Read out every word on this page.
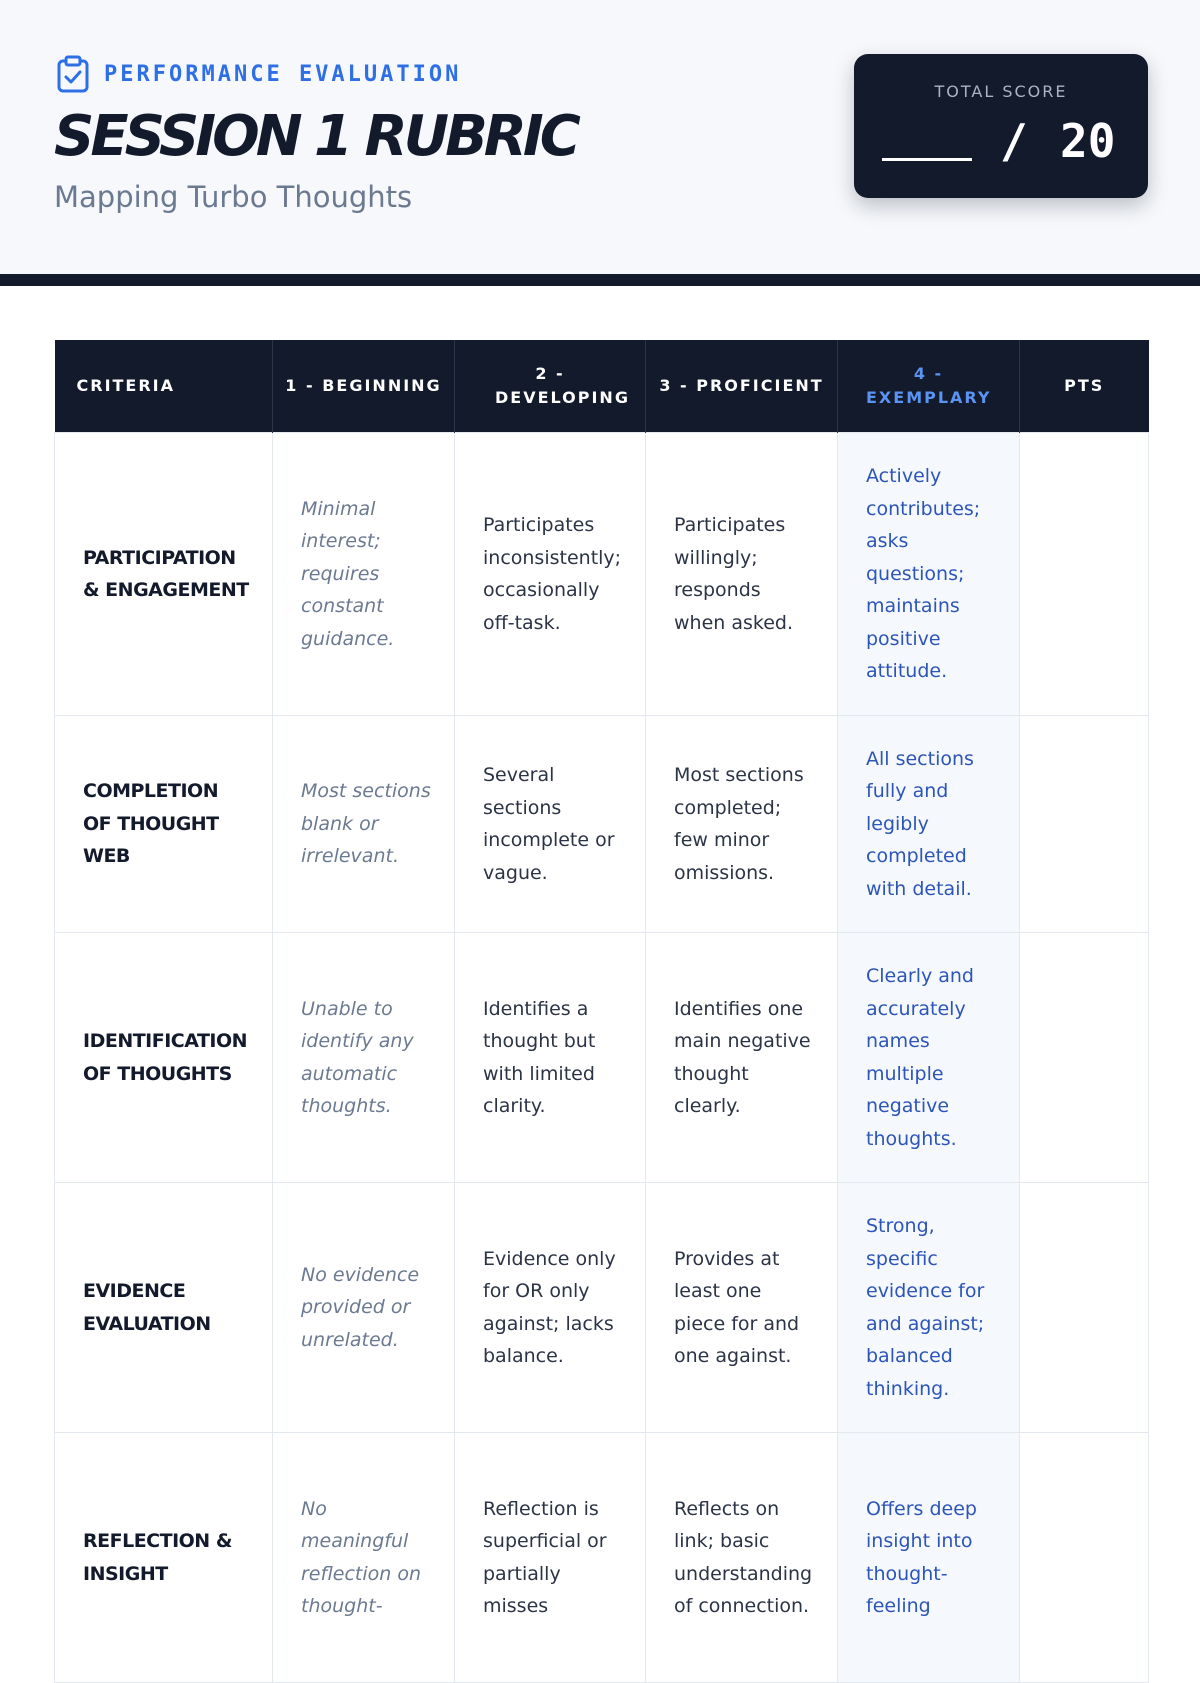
PERFORMANCE EVALUATION
SESSION 1 RUBRIC
Mapping Turbo Thoughts
TOTAL SCORE
/ 20
CRITERIA	1 - BEGINNING	2 - DEVELOPING	3 - PROFICIENT	4 - EXEMPLARY	PTS
PARTICIPATION & ENGAGEMENT	Minimal interest; requires constant guidance.	Participates inconsistently; occasionally off-task.	Participates willingly; responds when asked.	Actively contributes; asks questions; maintains positive attitude.	
COMPLETION OF THOUGHT WEB	Most sections blank or irrelevant.	Several sections incomplete or vague.	Most sections completed; few minor omissions.	All sections fully and legibly completed with detail.	
IDENTIFICATION OF THOUGHTS	Unable to identify any automatic thoughts.	Identifies a thought but with limited clarity.	Identifies one main negative thought clearly.	Clearly and accurately names multiple negative thoughts.	
EVIDENCE EVALUATION	No evidence provided or unrelated.	Evidence only for OR only against; lacks balance.	Provides at least one piece for and one against.	Strong, specific evidence for and against; balanced thinking.	
REFLECTION & INSIGHT	No meaningful reflection on thought-	Reflection is superficial or partially misses	Reflects on link; basic understanding of connection.	Offers deep insight into thought-feeling	
